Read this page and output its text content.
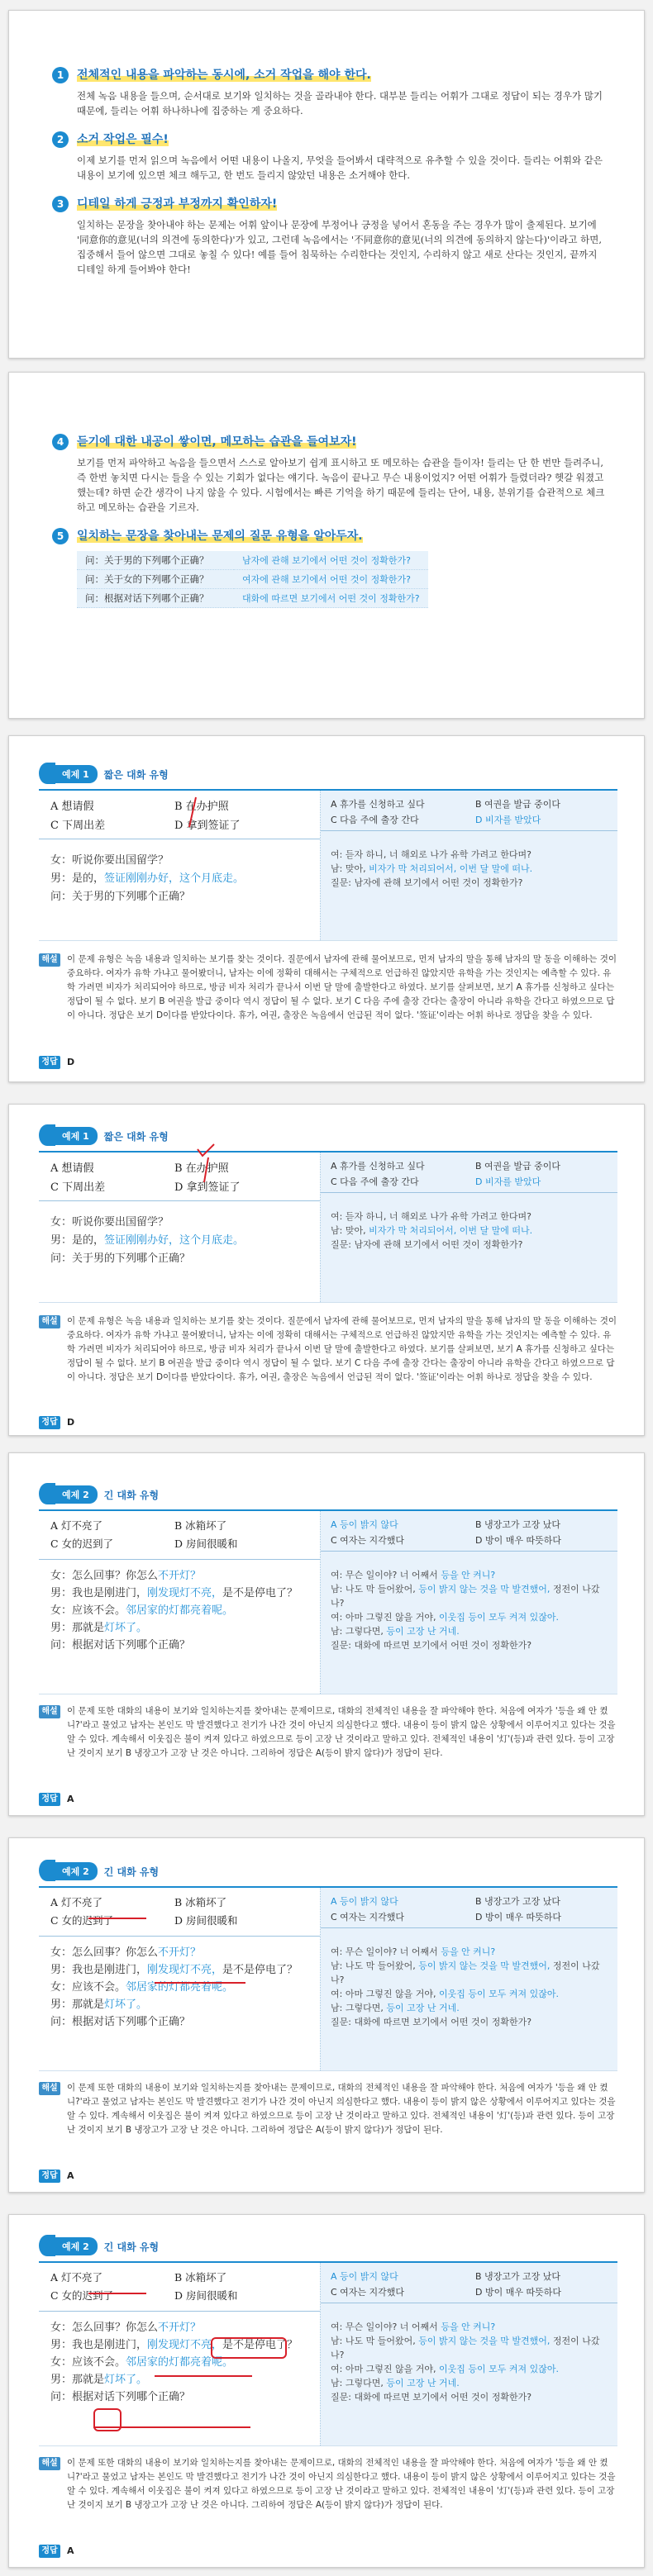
1	전체적인 내용을 파악하는 동시에, 소거 작업을 해야 한다.
전체 녹음 내용을 들으며, 순서대로 보기와 일치하는 것을 골라내야 한다. 대부분 들리는 어휘가 그대로 정답이 되는 경우가 많기 때문에, 들리는 어휘 하나하나에 집중하는 게 중요하다.
2	소거 작업은 필수!
이제 보기를 먼저 읽으며 녹음에서 어떤 내용이 나올지, 무엇을 들어봐서 대략적으로 유추할 수 있을 것이다. 들리는 어휘와 같은 내용이 보기에 있으면 체크 해두고, 한 번도 들리지 않았던 내용은 소거해야 한다.
3	디테일 하게 긍정과 부정까지 확인하자!
일치하는 문장을 찾아내야 하는 문제는 어휘 앞이나 문장에 부정어나 긍정을 넣어서 혼동을 주는 경우가 많이 출제된다. 보기에 '同意你的意见(너의 의견에 동의한다)'가 있고, 그런데 녹음에서는 '不同意你的意见(너의 의견에 동의하지 않는다)'이라고 하면, 집중해서 들어 않으면 그대로 놓칠 수 있다! 예를 들어 침묵하는 수리한다는 것인지, 수리하지 않고 새로 산다는 것인지, 끝까지 디테일 하게 들어봐야 한다!
4	듣기에 대한 내공이 쌓이면, 메모하는 습관을 들여보자!
보기를 먼저 파악하고 녹음을 들으면서 스스로 알아보기 쉽게 표시하고 또 메모하는 습관을 들이자! 들리는 단 한 번만 들려주니, 즉 한번 놓치면 다시는 들을 수 있는 기회가 없다는 얘기다. 녹음이 끝나고 무슨 내용이었지? 어떤 어휘가 들렸더라? 헷갈 워졌고 했는데? 하면 순간 생각이 나지 않을 수 있다. 시험에서는 빠른 기억을 하기 때문에 들리는 단어, 내용, 분위기를 습관적으로 체크하고 메모하는 습관을 기르자.
5	일치하는 문장을 찾아내는 문제의 질문 유형을 알아두자.
问：关于男的下列哪个正确？	남자에 관해 보기에서 어떤 것이 정확한가?
问：关于女的下列哪个正确？	여자에 관해 보기에서 어떤 것이 정확한가?
问：根据对话下列哪个正确？	대화에 따르면 보기에서 어떤 것이 정확한가?
예제 1	짧은 대화 유형
A 想请假	B 在办护照
C 下周出差	D 拿到签证了
女： 听说你要出国留学？
男： 是的， 签证刚刚办好，这个月底走。
问： 关于男的下列哪个正确？
A 휴가를 신청하고 싶다	B 여권을 발급 중이다
C 다음 주에 출장 간다	D 비자를 받았다
여: 듣자 하니, 너 해외로 나가 유학 가려고 한다며?
남: 맞아, 비자가 막 처리되어서, 이번 달 말에 떠나.
질문: 남자에 관해 보기에서 어떤 것이 정확한가?
해설	이 문제 유형은 녹음 내용과 일치하는 보기를 찾는 것이다. 질문에서 남자에 관해 물어보므로, 먼저 남자의 말을 통해 남자의 말 동을 이해하는 것이 중요하다. 여자가 유학 가냐고 물어봤더니, 남자는 이에 정확히 대해서는 구체적으로 언급하진 않았지만 유학을 가는 것인지는 예측할 수 있다. 유학 가려면 비자가 처리되어야 하므로, 방금 비자 처리가 끝나서 이번 달 말에 출발한다고 하였다. 보기를 살펴보면, 보기 A 휴가를 신청하고 싶다는 정답이 될 수 없다. 보기 B 여권을 발급 중이다 역시 정답이 될 수 없다. 보기 C 다음 주에 출장 간다는 출장이 아니라 유학을 간다고 하였으므로 답이 아니다. 정답은 보기 D이다를 받았다이다. 휴가, 여권, 출장은 녹음에서 언급된 적이 없다. '签证'이라는 어휘 하나로 정답을 찾을 수 있다.
정답	D
예제 1	짧은 대화 유형
A 想请假	B 在办护照
C 下周出差	D 拿到签证了
女： 听说你要出国留学？
男： 是的， 签证刚刚办好，这个月底走。
问： 关于男的下列哪个正确？
A 휴가를 신청하고 싶다	B 여권을 발급 중이다
C 다음 주에 출장 간다	D 비자를 받았다
여: 듣자 하니, 너 해외로 나가 유학 가려고 한다며?
남: 맞아, 비자가 막 처리되어서, 이번 달 말에 떠나.
질문: 남자에 관해 보기에서 어떤 것이 정확한가?
해설	이 문제 유형은 녹음 내용과 일치하는 보기를 찾는 것이다. 질문에서 남자에 관해 물어보므로, 먼저 남자의 말을 통해 남자의 말 동을 이해하는 것이 중요하다. 여자가 유학 가냐고 물어봤더니, 남자는 이에 정확히 대해서는 구체적으로 언급하진 않았지만 유학을 가는 것인지는 예측할 수 있다. 유학 가려면 비자가 처리되어야 하므로, 방금 비자 처리가 끝나서 이번 달 말에 출발한다고 하였다. 보기를 살펴보면, 보기 A 휴가를 신청하고 싶다는 정답이 될 수 없다. 보기 B 여권을 발급 중이다 역시 정답이 될 수 없다. 보기 C 다음 주에 출장 간다는 출장이 아니라 유학을 간다고 하였으므로 답이 아니다. 정답은 보기 D이다를 받았다이다. 휴가, 여권, 출장은 녹음에서 언급된 적이 없다. '签证'이라는 어휘 하나로 정답을 찾을 수 있다.
정답	D
예제 2	긴 대화 유형
A 灯不亮了	B 冰箱坏了
C 女的迟到了	D 房间很暖和
女： 怎么回事？你怎么 不开灯？
男： 我也是刚进门，刚发现灯不亮，是不是停电了？
女： 应该不会。 邻居家的灯都亮着呢。
男： 那就是 灯坏了。
问： 根据对话下列哪个正确？
A 등이 밝지 않다	B 냉장고가 고장 났다
C 여자는 지각했다	D 방이 매우 따뜻하다
여: 무슨 일이야? 너 어째서 등을 안 켜니?
남: 나도 막 들어왔어, 등이 밝지 않는 것을 막 발견했어, 정전이 나갔나?
여: 아마 그렇진 않을 거야, 이웃집 등이 모두 켜져 있잖아.
남: 그렇다면, 등이 고장 난 거네.
질문: 대화에 따르면 보기에서 어떤 것이 정확한가?
해설	이 문제 또한 대화의 내용이 보기와 일치하는지를 찾아내는 문제이므로, 대화의 전체적인 내용을 잘 파악해야 한다. 처음에 여자가 '등을 왜 안 켰니?'라고 물었고 남자는 본인도 막 발견했다고 전기가 나간 것이 아닌지 의심한다고 했다. 내용이 등이 밝지 않은 상황에서 이루어지고 있다는 것을 알 수 있다. 계속해서 이웃집은 불이 켜져 있다고 하였으므로 등이 고장 난 것이라고 말하고 있다. 전체적인 내용이 '灯'(등)과 관련 있다. 등이 고장 난 것이지 보기 B 냉장고가 고장 난 것은 아니다. 그리하여 정답은 A(등이 밝지 않다)가 정답이 된다.
정답	A
예제 2	긴 대화 유형
A 灯不亮了	B 冰箱坏了
C 女的迟到了	D 房间很暖和
女： 怎么回事？你怎么 不开灯？
男： 我也是刚进门，刚发现灯不亮，是不是停电了？
女： 应该不会。 邻居家的灯都亮着呢。
男： 那就是 灯坏了。
问： 根据对话下列哪个正确？
A 등이 밝지 않다	B 냉장고가 고장 났다
C 여자는 지각했다	D 방이 매우 따뜻하다
여: 무슨 일이야? 너 어째서 등을 안 켜니?
남: 나도 막 들어왔어, 등이 밝지 않는 것을 막 발견했어, 정전이 나갔나?
여: 아마 그렇진 않을 거야, 이웃집 등이 모두 켜져 있잖아.
남: 그렇다면, 등이 고장 난 거네.
질문: 대화에 따르면 보기에서 어떤 것이 정확한가?
해설	이 문제 또한 대화의 내용이 보기와 일치하는지를 찾아내는 문제이므로, 대화의 전체적인 내용을 잘 파악해야 한다. 처음에 여자가 '등을 왜 안 켰니?'라고 물었고 남자는 본인도 막 발견했다고 전기가 나간 것이 아닌지 의심한다고 했다. 내용이 등이 밝지 않은 상황에서 이루어지고 있다는 것을 알 수 있다. 계속해서 이웃집은 불이 켜져 있다고 하였으므로 등이 고장 난 것이라고 말하고 있다. 전체적인 내용이 '灯'(등)과 관련 있다. 등이 고장 난 것이지 보기 B 냉장고가 고장 난 것은 아니다. 그리하여 정답은 A(등이 밝지 않다)가 정답이 된다.
정답	A
예제 2	긴 대화 유형
A 灯不亮了	B 冰箱坏了
C 女的迟到了	D 房间很暖和
女： 怎么回事？你怎么 不开灯？
男： 我也是刚进门，刚发现灯不亮，是不是停电了？
女： 应该不会。 邻居家的灯都亮着呢。
男： 那就是 灯坏了。
问： 根据对话下列哪个正确？
A 등이 밝지 않다	B 냉장고가 고장 났다
C 여자는 지각했다	D 방이 매우 따뜻하다
여: 무슨 일이야? 너 어째서 등을 안 켜니?
남: 나도 막 들어왔어, 등이 밝지 않는 것을 막 발견했어, 정전이 나갔나?
여: 아마 그렇진 않을 거야, 이웃집 등이 모두 켜져 있잖아.
남: 그렇다면, 등이 고장 난 거네.
질문: 대화에 따르면 보기에서 어떤 것이 정확한가?
해설	이 문제 또한 대화의 내용이 보기와 일치하는지를 찾아내는 문제이므로, 대화의 전체적인 내용을 잘 파악해야 한다. 처음에 여자가 '등을 왜 안 켰니?'라고 물었고 남자는 본인도 막 발견했다고 전기가 나간 것이 아닌지 의심한다고 했다. 내용이 등이 밝지 않은 상황에서 이루어지고 있다는 것을 알 수 있다. 계속해서 이웃집은 불이 켜져 있다고 하였으므로 등이 고장 난 것이라고 말하고 있다. 전체적인 내용이 '灯'(등)과 관련 있다. 등이 고장 난 것이지 보기 B 냉장고가 고장 난 것은 아니다. 그리하여 정답은 A(등이 밝지 않다)가 정답이 된다.
정답	A
